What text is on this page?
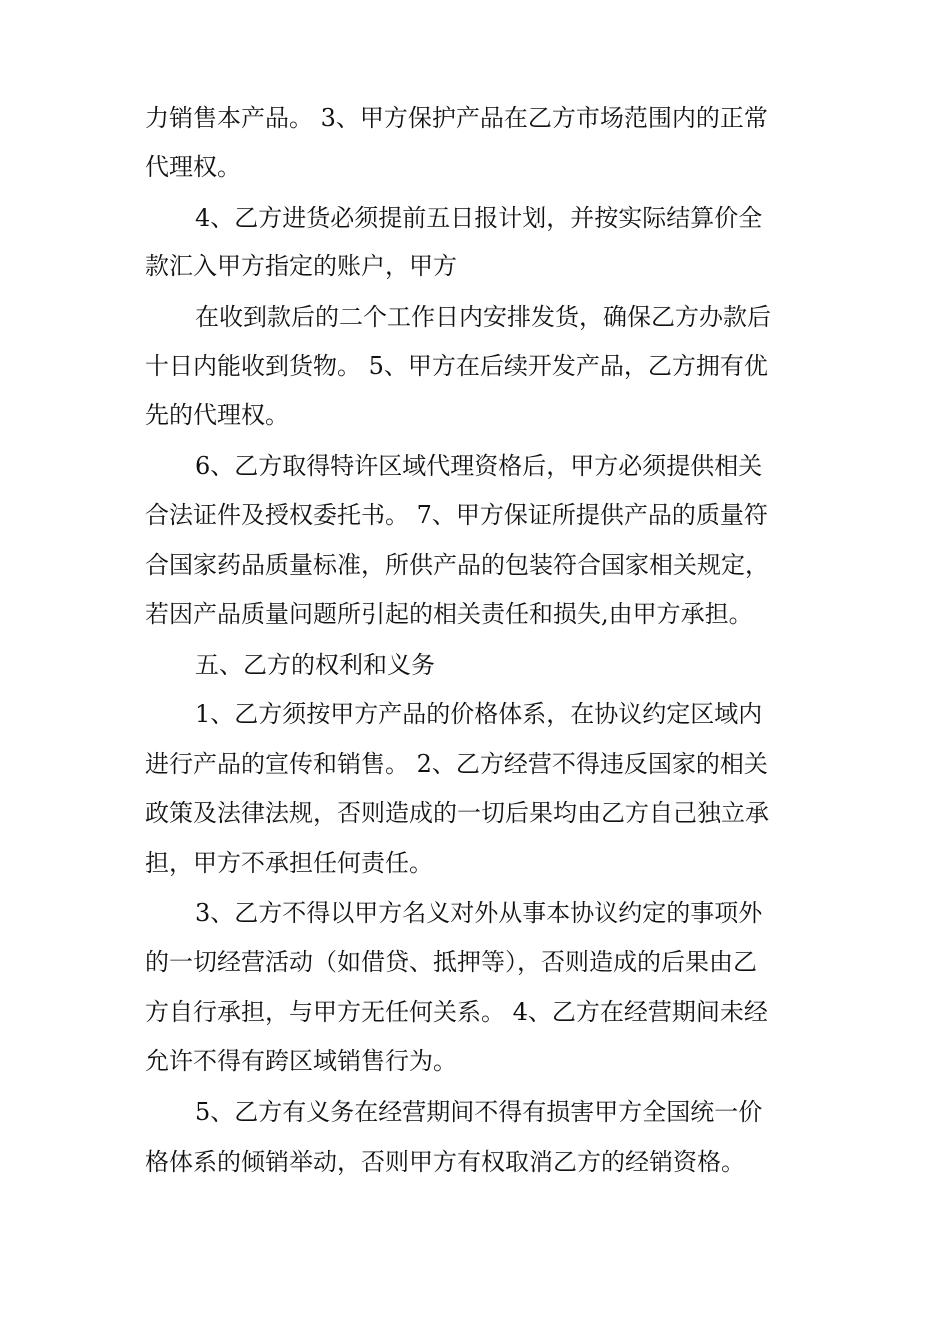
力销售本产品。 3、甲方保护产品在乙方市场范围内的正常
代理权。
4、乙方进货必须提前五日报计划，并按实际结算价全
款汇入甲方指定的账户，甲方
在收到款后的二个工作日内安排发货，确保乙方办款后
十日内能收到货物。 5、甲方在后续开发产品，乙方拥有优
先的代理权。
6、乙方取得特许区域代理资格后，甲方必须提供相关
合法证件及授权委托书。 7、甲方保证所提供产品的质量符
合国家药品质量标准，所供产品的包装符合国家相关规定，
若因产品质量问题所引起的相关责任和损失,由甲方承担。
五、乙方的权利和义务
1、乙方须按甲方产品的价格体系，在协议约定区域内
进行产品的宣传和销售。 2、乙方经营不得违反国家的相关
政策及法律法规，否则造成的一切后果均由乙方自己独立承
担，甲方不承担任何责任。
3、乙方不得以甲方名义对外从事本协议约定的事项外
的一切经营活动（如借贷、抵押等），否则造成的后果由乙
方自行承担，与甲方无任何关系。 4、乙方在经营期间未经
允许不得有跨区域销售行为。
5、乙方有义务在经营期间不得有损害甲方全国统一价
格体系的倾销举动，否则甲方有权取消乙方的经销资格。
